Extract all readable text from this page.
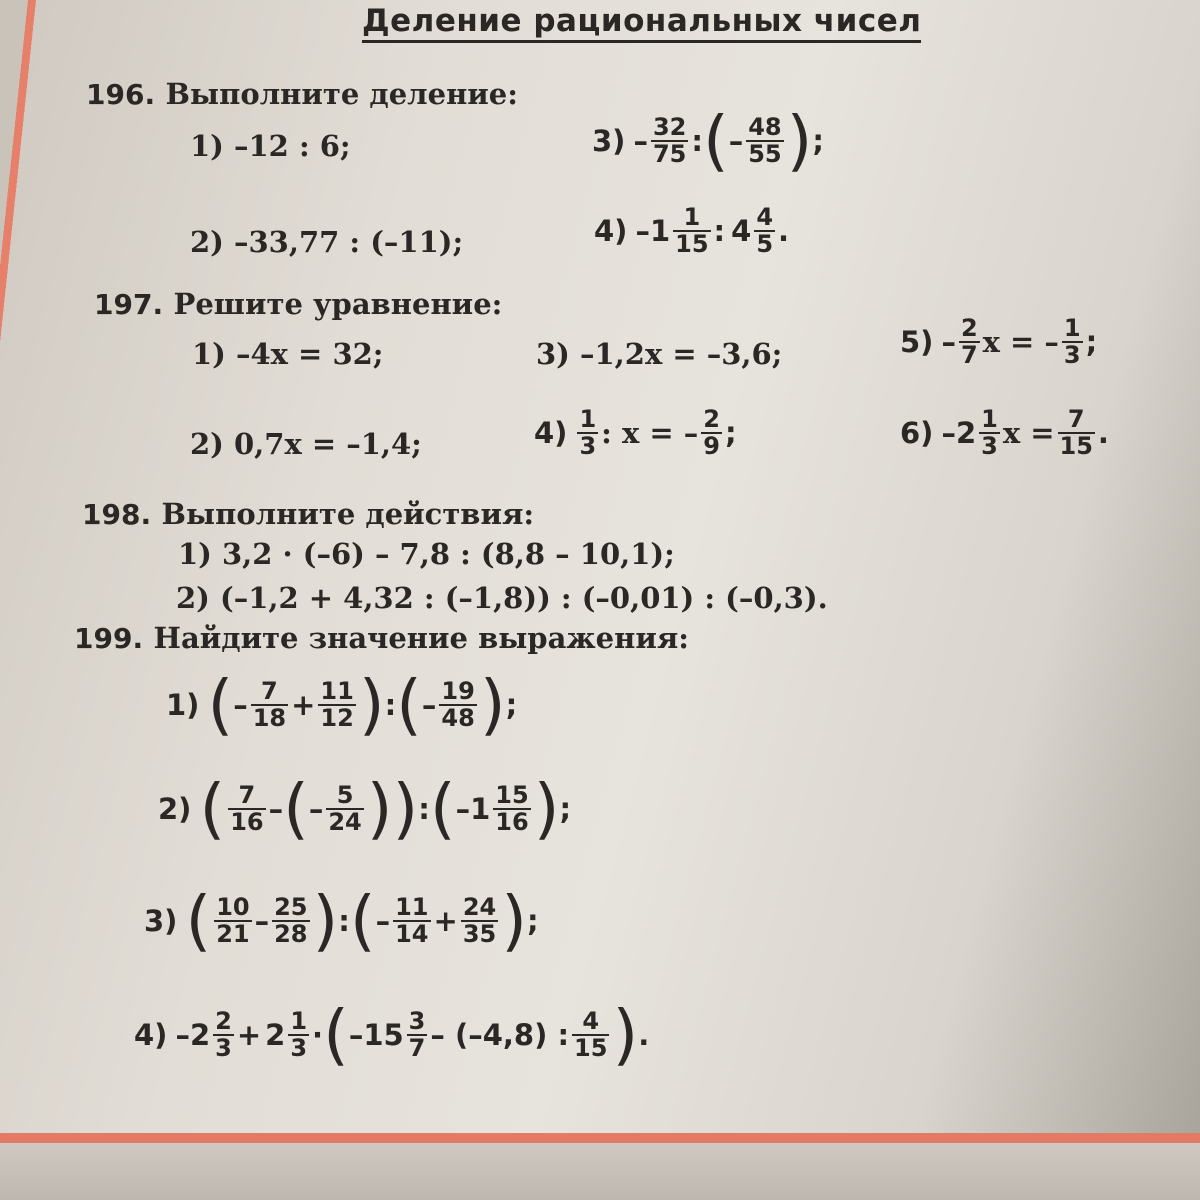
Деление рациональных чисел
196. Выполните деление:
1) –12 : 6;	$3) - \frac{32}{75}$ : ( – $\frac{48}{55}$ ) ;
2) –33,77 : (–11);	4) $-1 \frac{1}{15}$ : $4 \frac{4}{5}$ .
197. Решите уравнение:
1) –4x = 32;	3) –1,2x = –3,6;	$5) - \frac{2}{7}$ x = – $\frac{1}{3}$ ;
2) 0,7x = –1,4;	$4) \frac{1}{3}$ : x = – $\frac{2}{9}$ ;	6) $-2 \frac{1}{3}$ $x = \frac{7}{15}$ .
198. Выполните действия:
1) 3,2 · (–6) – 7,8 : (8,8 – 10,1);
2) (–1,2 + 4,32 : (–1,8)) : (–0,01) : (–0,3).
199. Найдите значение выражения:
1) ( – $\frac{7}{18} + \frac{11}{12}$ ) : ( – $\frac{19}{48}$ ) ;
2) ( $\frac{7}{16}$ – ( – $\frac{5}{24}$ )) : ( $-1 \frac{15}{16}$ ) ;
3) ( $\frac{10}{21} - \frac{25}{28}$ ) : ( – $\frac{11}{14} + \frac{24}{35}$ ) ;
4) $-2 \frac{2}{3} + 2 \frac{1}{3}$ · ( $-15 \frac{3}{7} - (-4,8)$ : $\frac{4}{15}$ ) .
